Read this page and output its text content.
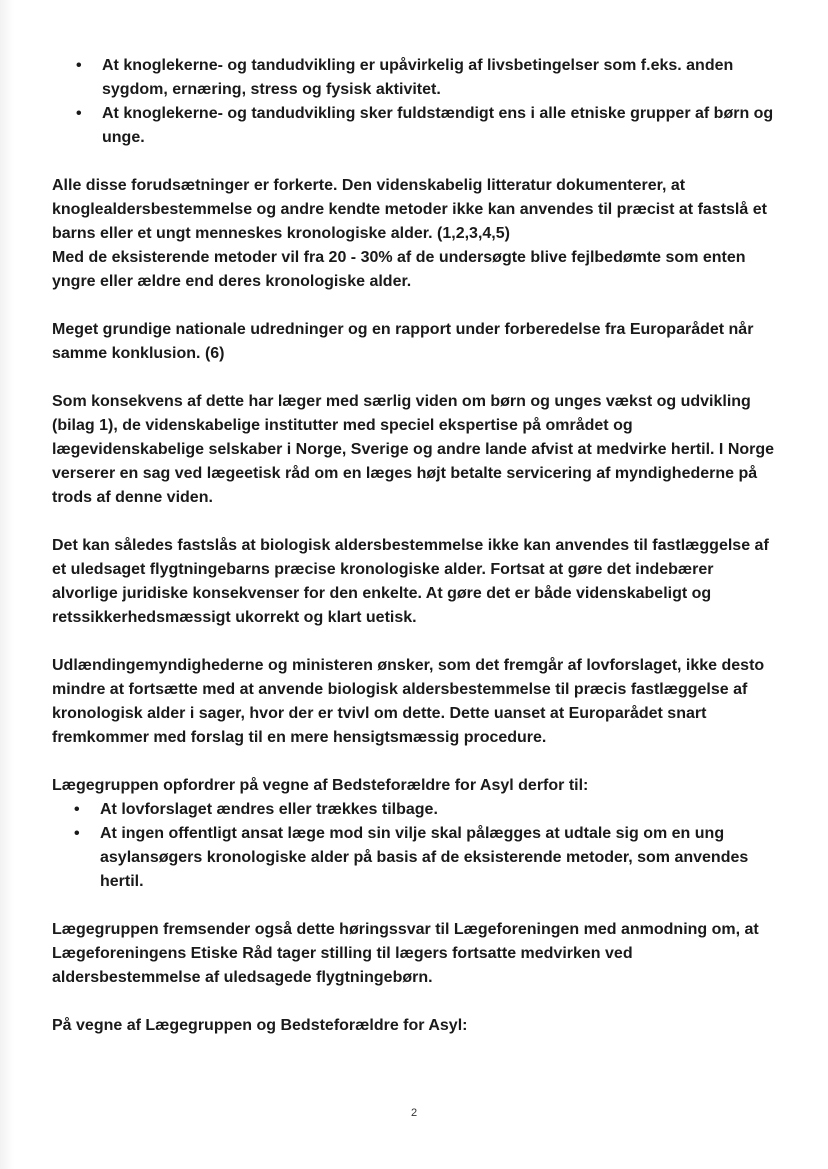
• At knoglekerne- og tandudvikling er upåvirkelig af livsbetingelser som f.eks. anden sygdom, ernæring, stress og fysisk aktivitet.
• At knoglekerne- og tandudvikling sker fuldstændigt ens i alle etniske grupper af børn og unge.

Alle disse forudsætninger er forkerte. Den videnskabelig litteratur dokumenterer, at knoglealdersbestemmelse og andre kendte metoder ikke kan anvendes til præcist at fastslå et barns eller et ungt menneskes kronologiske alder. (1,2,3,4,5)

Med de eksisterende metoder vil fra 20 - 30% af de undersøgte blive fejlbedømte som enten yngre eller ældre end deres kronologiske alder.

Meget grundige nationale udredninger og en rapport under forberedelse fra Europarådet når samme konklusion. (6)

Som konsekvens af dette har læger med særlig viden om børn og unges vækst og udvikling (bilag 1), de videnskabelige institutter med speciel ekspertise på området og lægevidenskabelige selskaber i Norge, Sverige og andre lande afvist at medvirke hertil. I Norge verserer en sag ved lægeetisk råd om en læges højt betalte servicering af myndighederne på trods af denne viden.

Det kan således fastslås at biologisk aldersbestemmelse ikke kan anvendes til fastlæggelse af et uledsaget flygtningebarns præcise kronologiske alder. Fortsat at gøre det indebærer alvorlige juridiske konsekvenser for den enkelte. At gøre det er både videnskabeligt og retssikkerhedsmæssigt ukorrekt og klart uetisk.

Udlændingemyndighederne og ministeren ønsker, som det fremgår af lovforslaget, ikke desto mindre at fortsætte med at anvende biologisk aldersbestemmelse til præcis fastlæggelse af kronologisk alder i sager, hvor der er tvivl om dette. Dette uanset at Europarådet snart fremkommer med forslag til en mere hensigtsmæssig procedure.

Lægegruppen opfordrer på vegne af Bedsteforældre for Asyl derfor til:

• At lovforslaget ændres eller trækkes tilbage.
• At ingen offentligt ansat læge mod sin vilje skal pålægges at udtale sig om en ung asylansøgers kronologiske alder på basis af de eksisterende metoder, som anvendes hertil.

Lægegruppen fremsender også dette høringssvar til Lægeforeningen med anmodning om, at Lægeforeningens Etiske Råd tager stilling til lægers fortsatte medvirken ved aldersbestemmelse af uledsagede flygtningebørn.

På vegne af Lægegruppen og Bedsteforældre for Asyl:

2
